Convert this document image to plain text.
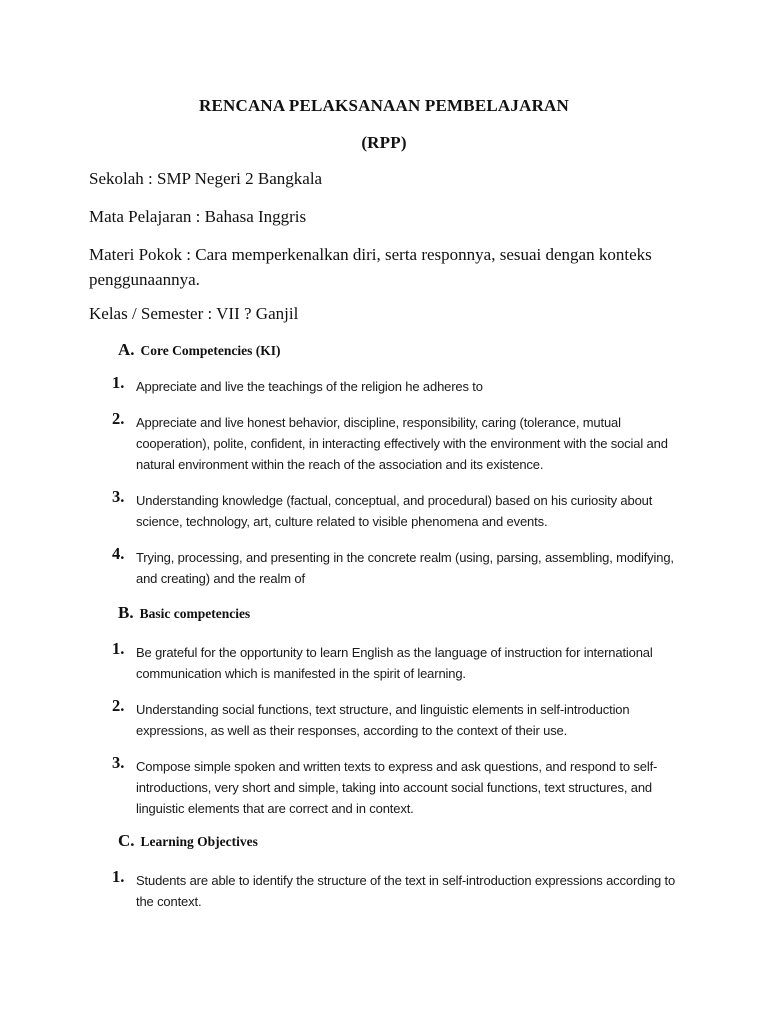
RENCANA PELAKSANAAN PEMBELAJARAN
(RPP)
Sekolah : SMP Negeri 2 Bangkala
Mata Pelajaran : Bahasa Inggris
Materi Pokok : Cara memperkenalkan diri, serta responnya, sesuai dengan konteks penggunaannya.
Kelas / Semester : VII ? Ganjil
A. Core Competencies (KI)
1. Appreciate and live the teachings of the religion he adheres to
2. Appreciate and live honest behavior, discipline, responsibility, caring (tolerance, mutual cooperation), polite, confident, in interacting effectively with the environment with the social and natural environment within the reach of the association and its existence.
3. Understanding knowledge (factual, conceptual, and procedural) based on his curiosity about science, technology, art, culture related to visible phenomena and events.
4. Trying, processing, and presenting in the concrete realm (using, parsing, assembling, modifying, and creating) and the realm of
B. Basic competencies
1. Be grateful for the opportunity to learn English as the language of instruction for international communication which is manifested in the spirit of learning.
2. Understanding social functions, text structure, and linguistic elements in self-introduction expressions, as well as their responses, according to the context of their use.
3. Compose simple spoken and written texts to express and ask questions, and respond to self-introductions, very short and simple, taking into account social functions, text structures, and linguistic elements that are correct and in context.
C. Learning Objectives
1. Students are able to identify the structure of the text in self-introduction expressions according to the context.
